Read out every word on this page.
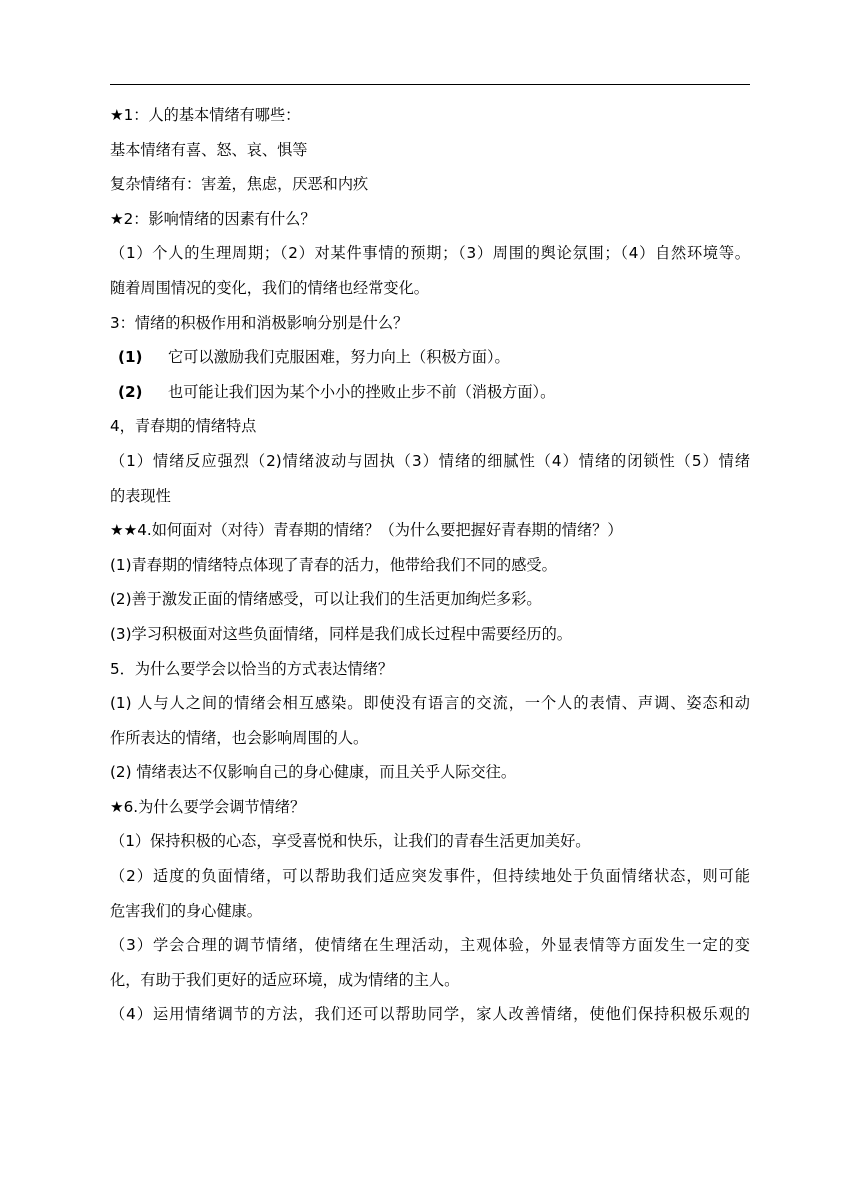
★1：人的基本情绪有哪些：
基本情绪有喜、怒、哀、惧等
复杂情绪有：害羞，焦虑，厌恶和内疚
★2：影响情绪的因素有什么？
（1）个人的生理周期；（2）对某件事情的预期；（3）周围的舆论氛围；（4）自然环境等。
随着周围情况的变化，我们的情绪也经常变化。
3：情绪的积极作用和消极影响分别是什么？
(1) 它可以激励我们克服困难，努力向上（积极方面）。
(2) 也可能让我们因为某个小小的挫败止步不前（消极方面）。
4，青春期的情绪特点
（1）情绪反应强烈（2)情绪波动与固执（3）情绪的细腻性（4）情绪的闭锁性（5）情绪
的表现性
★★4.如何面对（对待）青春期的情绪？（为什么要把握好青春期的情绪？）
(1)青春期的情绪特点体现了青春的活力，他带给我们不同的感受。
(2)善于激发正面的情绪感受，可以让我们的生活更加绚烂多彩。
(3)学习积极面对这些负面情绪，同样是我们成长过程中需要经历的。
5．为什么要学会以恰当的方式表达情绪？
(1) 人与人之间的情绪会相互感染。即使没有语言的交流，一个人的表情、声调、姿态和动
作所表达的情绪，也会影响周围的人。
(2) 情绪表达不仅影响自己的身心健康，而且关乎人际交往。
★6.为什么要学会调节情绪？
（1）保持积极的心态，享受喜悦和快乐，让我们的青春生活更加美好。
（2）适度的负面情绪，可以帮助我们适应突发事件，但持续地处于负面情绪状态，则可能
危害我们的身心健康。
（3）学会合理的调节情绪，使情绪在生理活动，主观体验，外显表情等方面发生一定的变
化，有助于我们更好的适应环境，成为情绪的主人。
（4）运用情绪调节的方法，我们还可以帮助同学，家人改善情绪，使他们保持积极乐观的
